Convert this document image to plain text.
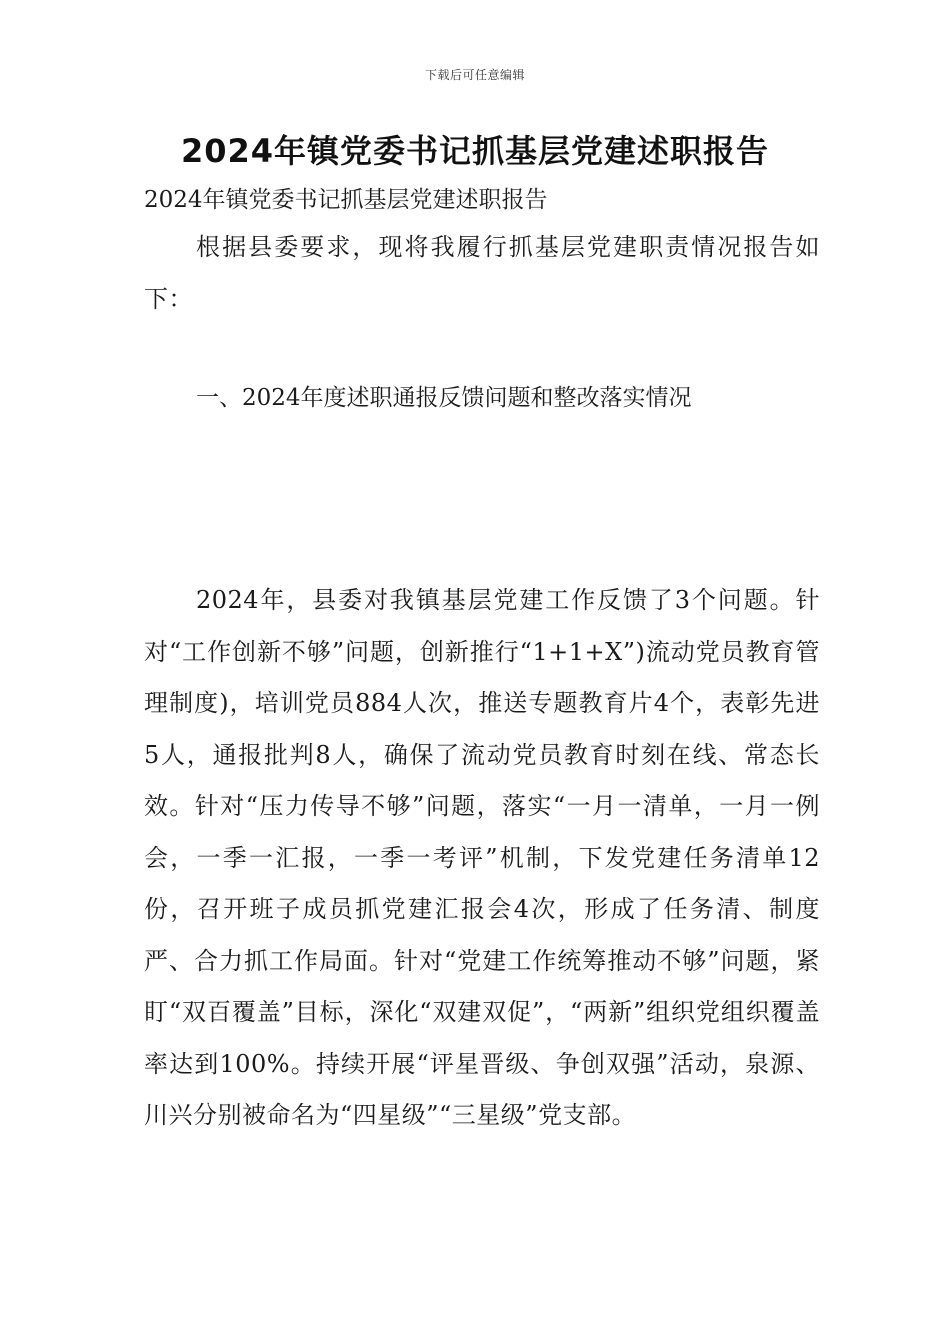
下载后可任意编辑
2024年镇党委书记抓基层党建述职报告

2024年镇党委书记抓基层党建述职报告

根据县委要求，现将我履行抓基层党建职责情况报告如下：

一、2024年度述职通报反馈问题和整改落实情况

2024年，县委对我镇基层党建工作反馈了3个问题。针对“工作创新不够”问题，创新推行“1+1+X”)流动党员教育管理制度)，培训党员884人次，推送专题教育片4个，表彰先进5人，通报批判8人，确保了流动党员教育时刻在线、常态长效。针对“压力传导不够”问题，落实“一月一清单，一月一例会，一季一汇报，一季一考评”机制，下发党建任务清单12份，召开班子成员抓党建汇报会4次，形成了任务清、制度严、合力抓工作局面。针对“党建工作统筹推动不够”问题，紧盯“双百覆盖”目标，深化“双建双促”，“两新”组织党组织覆盖率达到100%。持续开展“评星晋级、争创双强”活动，泉源、川兴分别被命名为“四星级”“三星级”党支部。
